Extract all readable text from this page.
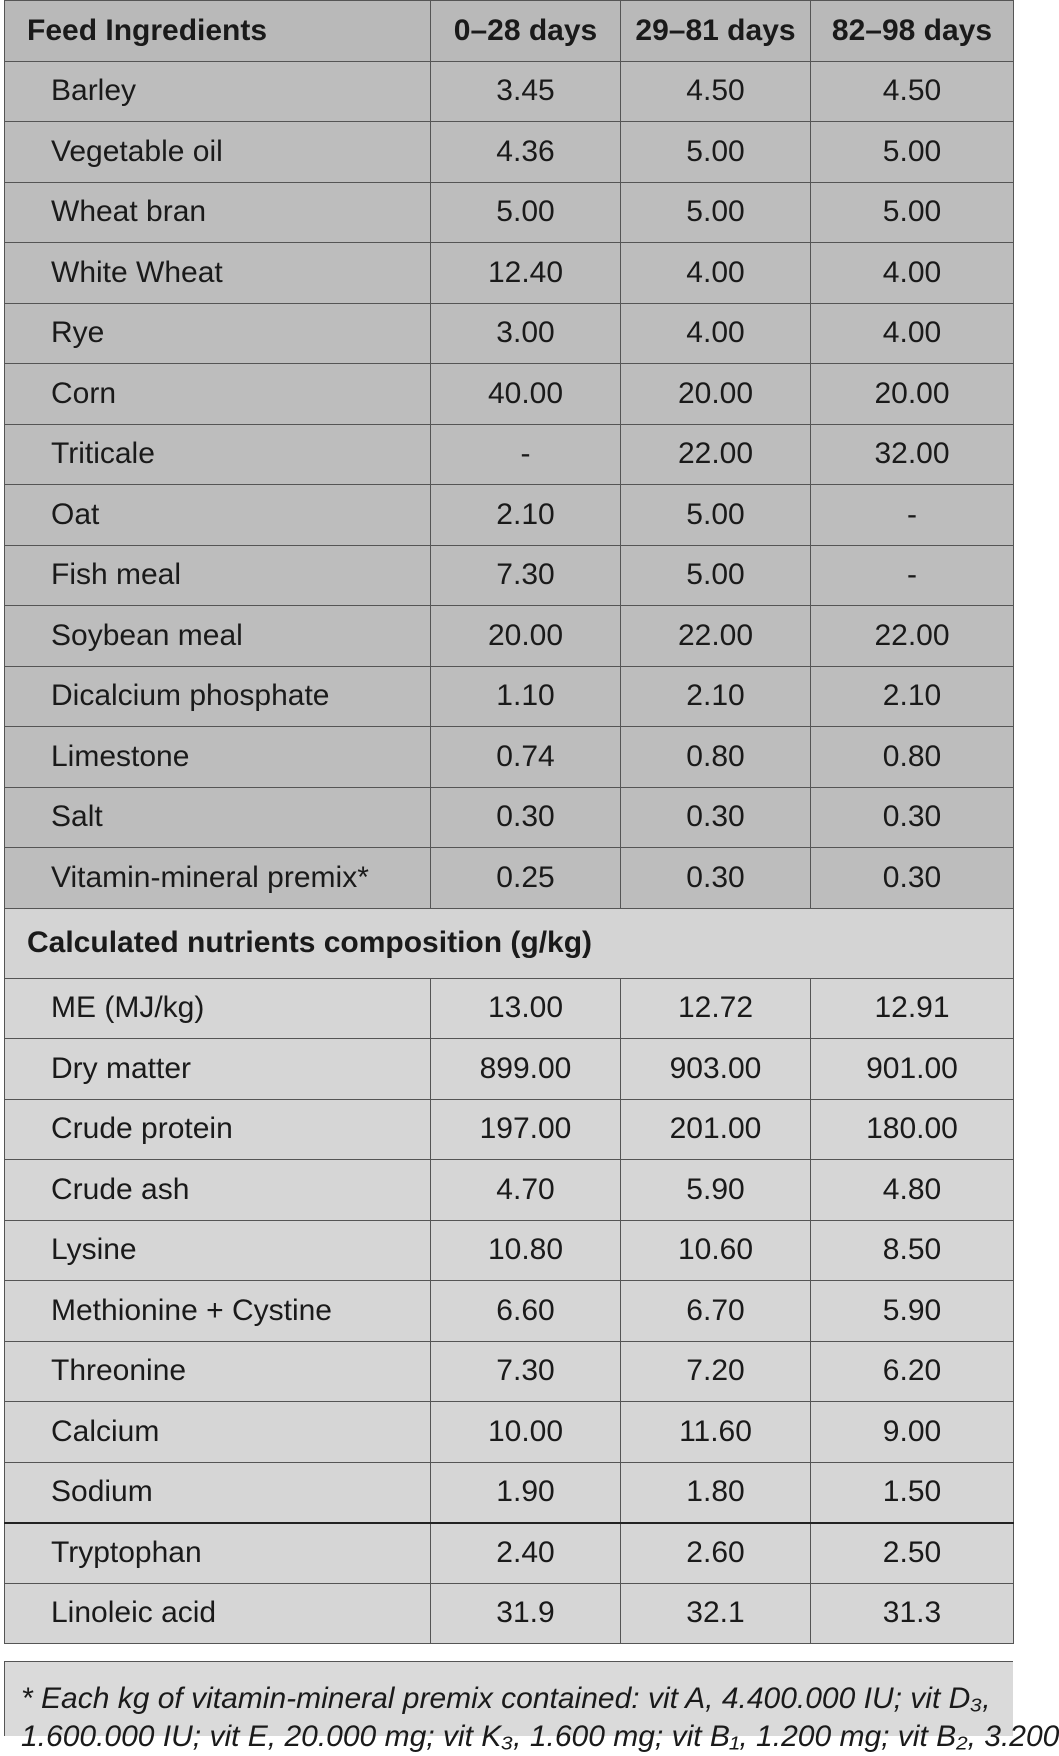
Feed Ingredients	0–28 days	29–81 days	82–98 days
Barley	3.45	4.50	4.50
Vegetable oil	4.36	5.00	5.00
Wheat bran	5.00	5.00	5.00
White Wheat	12.40	4.00	4.00
Rye	3.00	4.00	4.00
Corn	40.00	20.00	20.00
Triticale	-	22.00	32.00
Oat	2.10	5.00	-
Fish meal	7.30	5.00	-
Soybean meal	20.00	22.00	22.00
Dicalcium phosphate	1.10	2.10	2.10
Limestone	0.74	0.80	0.80
Salt	0.30	0.30	0.30
Vitamin-mineral premix*	0.25	0.30	0.30
Calculated nutrients composition (g/kg)			
ME (MJ/kg)	13.00	12.72	12.91
Dry matter	899.00	903.00	901.00
Crude protein	197.00	201.00	180.00
Crude ash	4.70	5.90	4.80
Lysine	10.80	10.60	8.50
Methionine + Cystine	6.60	6.70	5.90
Threonine	7.30	7.20	6.20
Calcium	10.00	11.60	9.00
Sodium	1.90	1.80	1.50
Tryptophan	2.40	2.60	2.50
Linoleic acid	31.9	32.1	31.3
* Each kg of vitamin-mineral premix contained: vit A, 4.400.000 IU; vit D₃,
1.600.000 IU; vit E, 20.000 mg; vit K₃, 1.600 mg; vit B₁, 1.200 mg; vit B₂, 3.200
